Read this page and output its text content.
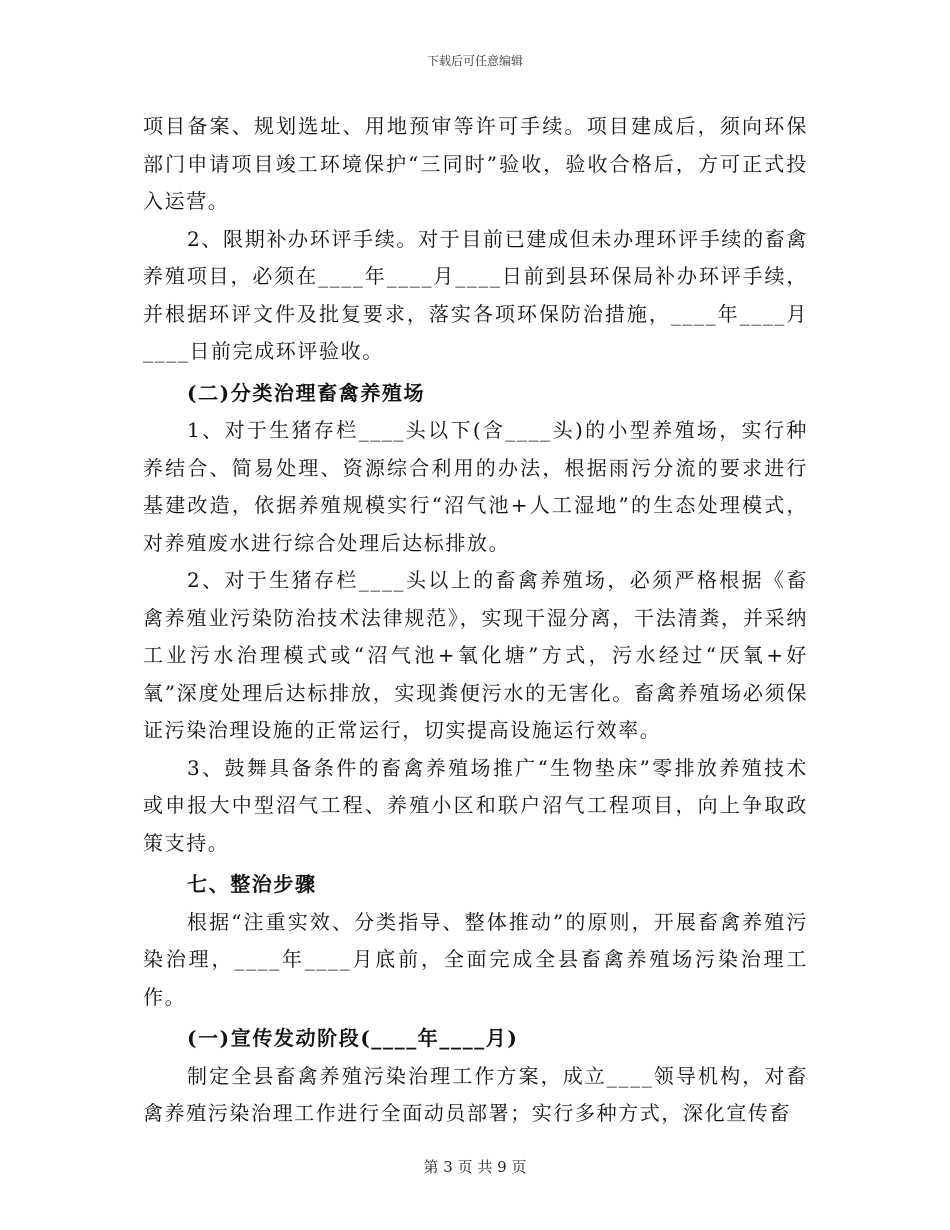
下载后可任意编辑

项目备案、规划选址、用地预审等许可手续。项目建成后，须向环保部门申请项目竣工环境保护“三同时”验收，验收合格后，方可正式投入运营。

2、限期补办环评手续。对于目前已建成但未办理环评手续的畜禽养殖项目，必须在____年____月____日前到县环保局补办环评手续，并根据环评文件及批复要求，落实各项环保防治措施，____年____月____日前完成环评验收。

(二)分类治理畜禽养殖场

1、对于生猪存栏____头以下(含____头)的小型养殖场，实行种养结合、简易处理、资源综合利用的办法，根据雨污分流的要求进行基建改造，依据养殖规模实行“沼气池+人工湿地”的生态处理模式，对养殖废水进行综合处理后达标排放。

2、对于生猪存栏____头以上的畜禽养殖场，必须严格根据《畜禽养殖业污染防治技术法律规范》，实现干湿分离，干法清粪，并采纳工业污水治理模式或“沼气池+氧化塘”方式，污水经过“厌氧+好氧”深度处理后达标排放，实现粪便污水的无害化。畜禽养殖场必须保证污染治理设施的正常运行，切实提高设施运行效率。

3、鼓舞具备条件的畜禽养殖场推广“生物垫床”零排放养殖技术或申报大中型沼气工程、养殖小区和联户沼气工程项目，向上争取政策支持。

七、整治步骤

根据“注重实效、分类指导、整体推动”的原则，开展畜禽养殖污染治理，____年____月底前，全面完成全县畜禽养殖场污染治理工作。

(一)宣传发动阶段(____年____月)

制定全县畜禽养殖污染治理工作方案，成立____领导机构，对畜禽养殖污染治理工作进行全面动员部署；实行多种方式，深化宣传畜

第 3 页 共 9 页
